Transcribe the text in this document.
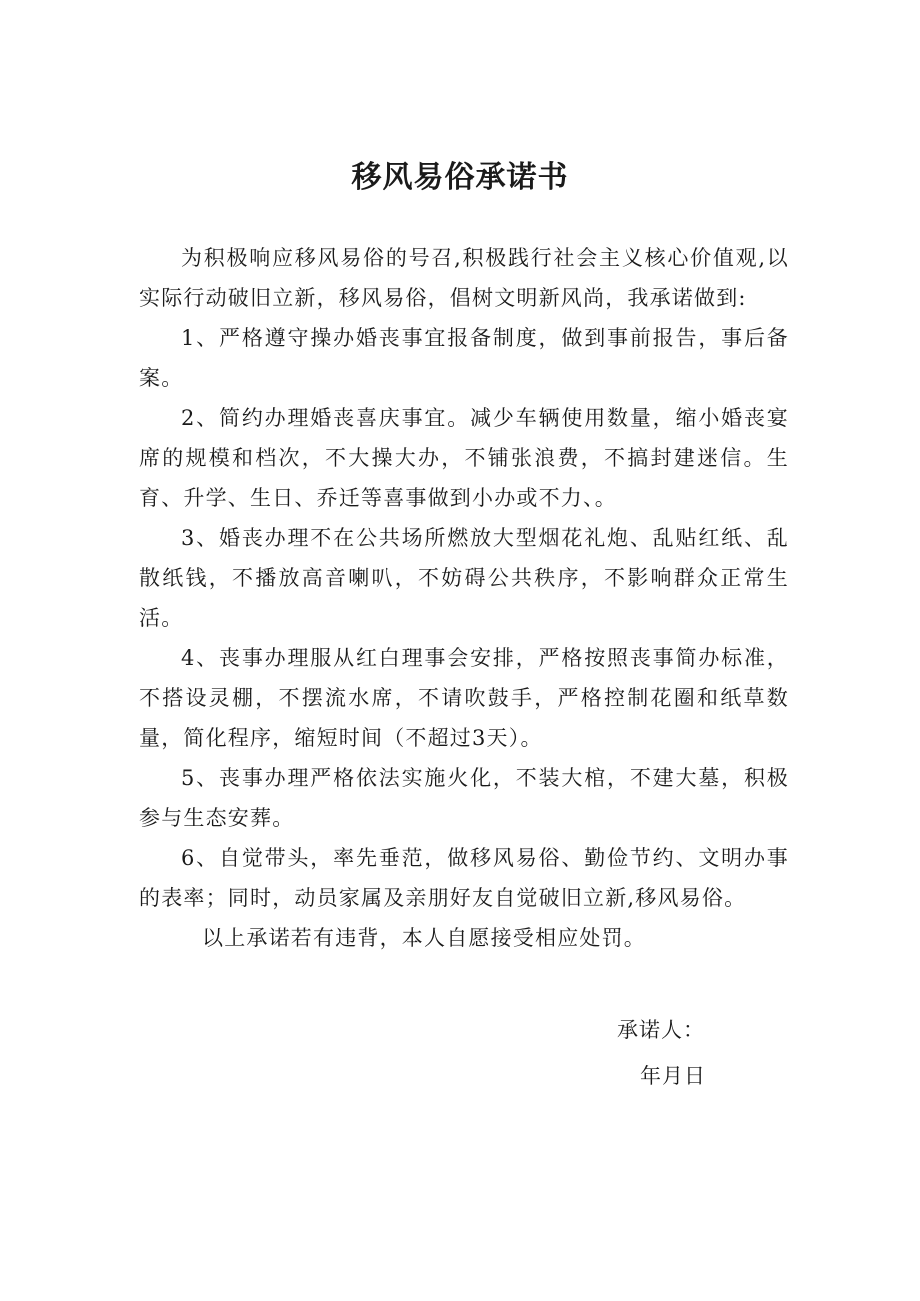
移风易俗承诺书

为积极响应移风易俗的号召,积极践行社会主义核心价值观,以实际行动破旧立新，移风易俗，倡树文明新风尚，我承诺做到:

1、严格遵守操办婚丧事宜报备制度，做到事前报告，事后备案。

2、简约办理婚丧喜庆事宜。减少车辆使用数量，缩小婚丧宴席的规模和档次，不大操大办，不铺张浪费，不搞封建迷信。生育、升学、生日、乔迁等喜事做到小办或不力、。

3、婚丧办理不在公共场所燃放大型烟花礼炮、乱贴红纸、乱散纸钱，不播放高音喇叭，不妨碍公共秩序，不影响群众正常生活。

4、丧事办理服从红白理事会安排，严格按照丧事简办标准，不搭设灵棚，不摆流水席，不请吹鼓手，严格控制花圈和纸草数量，简化程序，缩短时间（不超过3天）。

5、丧事办理严格依法实施火化，不装大棺，不建大墓，积极参与生态安葬。

6、自觉带头，率先垂范，做移风易俗、勤俭节约、文明办事的表率；同时，动员家属及亲朋好友自觉破旧立新,移风易俗。

以上承诺若有违背，本人自愿接受相应处罚。

承诺人：
年月日
